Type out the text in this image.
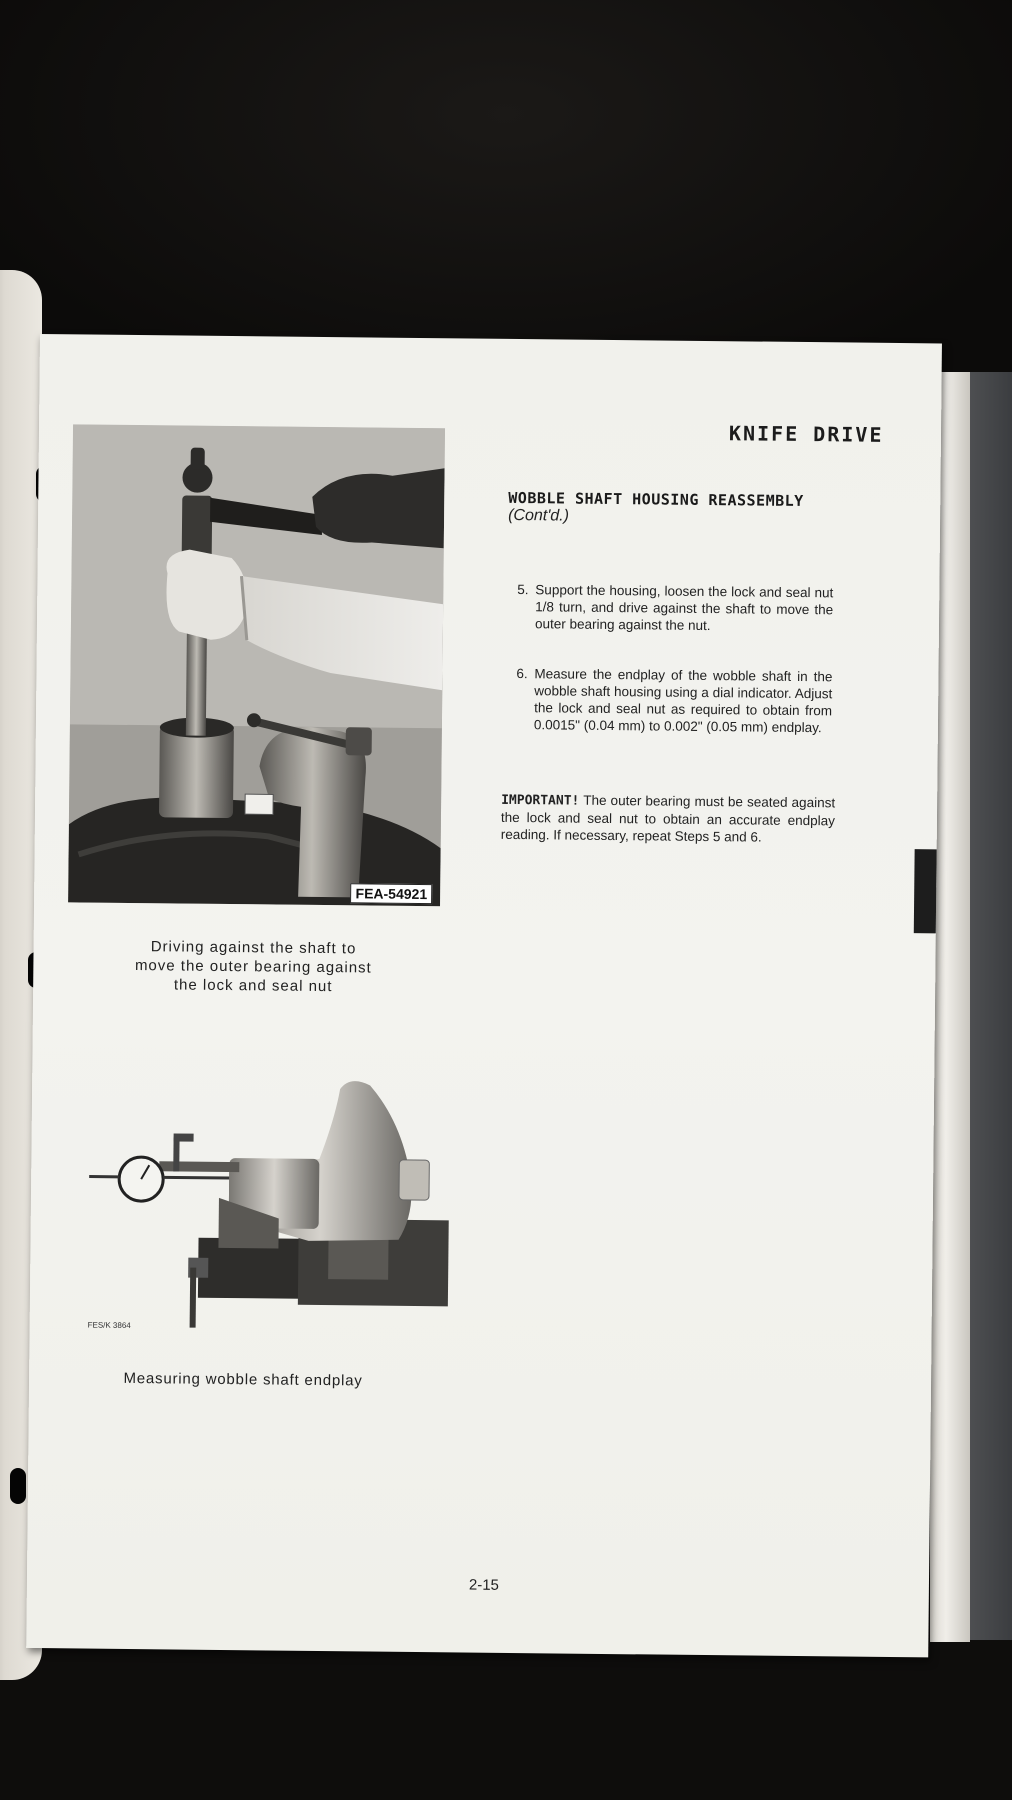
KNIFE DRIVE
FEA-54921
Driving against the shaft to
move the outer bearing against
the lock and seal nut
FES/K 3864
Measuring wobble shaft endplay
WOBBLE SHAFT HOUSING REASSEMBLY
(Cont'd.)
5. Support the housing, loosen the lock and seal nut 1/8 turn, and drive against the shaft to move the outer bearing against the nut.
6. Measure the endplay of the wobble shaft in the wobble shaft housing using a dial indicator. Adjust the lock and seal nut as required to obtain from 0.0015" (0.04 mm) to 0.002" (0.05 mm) endplay.
IMPORTANT! The outer bearing must be seated against the lock and seal nut to obtain an accurate endplay reading. If necessary, repeat Steps 5 and 6.
2-15
